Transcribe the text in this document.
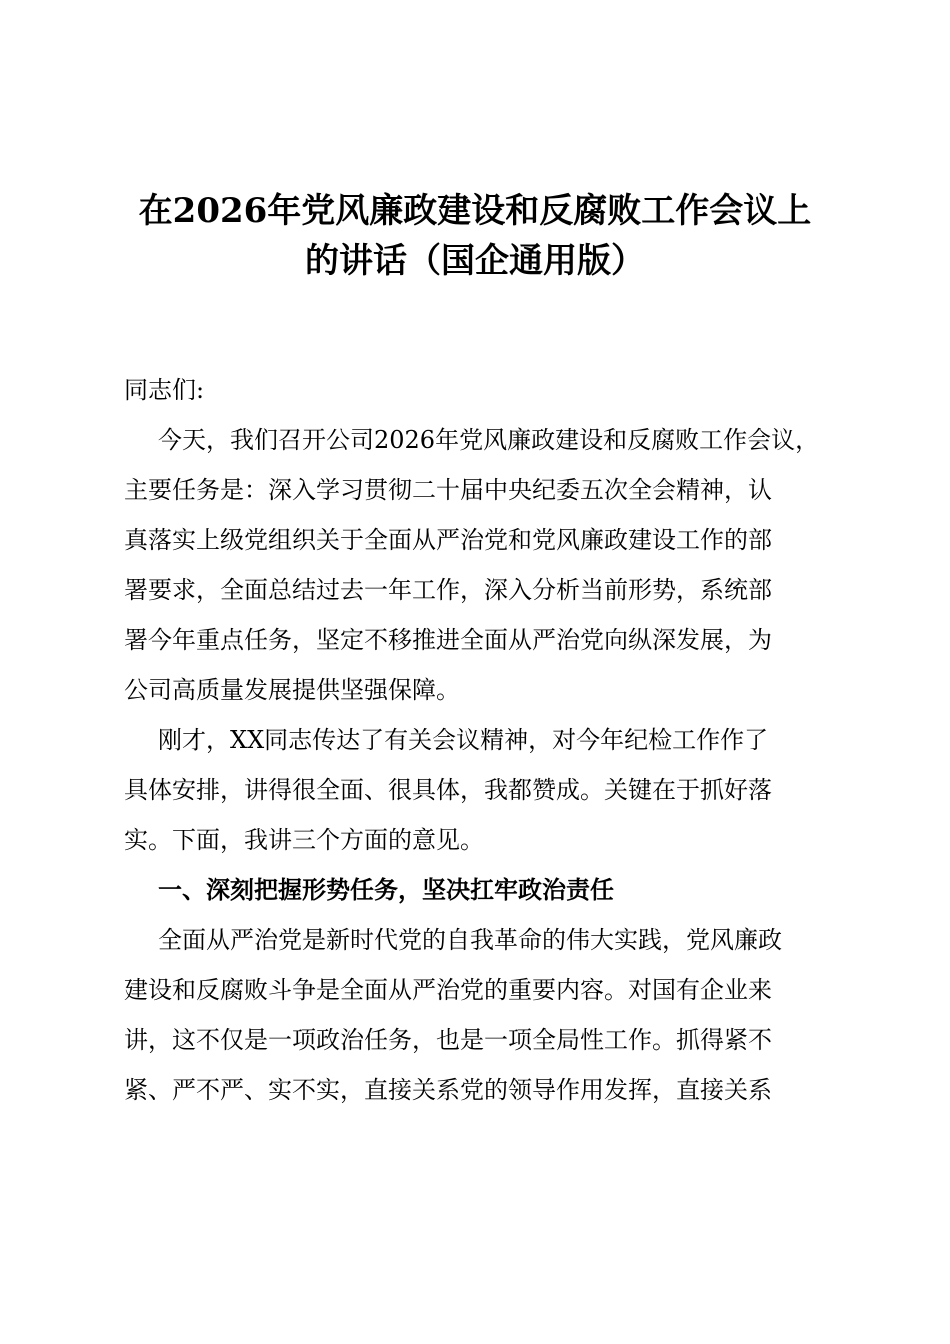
在2026年党风廉政建设和反腐败工作会议上
的讲话（国企通用版）
同志们:
今天，我们召开公司2026年党风廉政建设和反腐败工作会议，
主要任务是：深入学习贯彻二十届中央纪委五次全会精神，认
真落实上级党组织关于全面从严治党和党风廉政建设工作的部
署要求，全面总结过去一年工作，深入分析当前形势，系统部
署今年重点任务，坚定不移推进全面从严治党向纵深发展，为
公司高质量发展提供坚强保障。
刚才，XX同志传达了有关会议精神，对今年纪检工作作了
具体安排，讲得很全面、很具体，我都赞成。关键在于抓好落
实。下面，我讲三个方面的意见。
一、深刻把握形势任务，坚决扛牢政治责任
全面从严治党是新时代党的自我革命的伟大实践，党风廉政
建设和反腐败斗争是全面从严治党的重要内容。对国有企业来
讲，这不仅是一项政治任务，也是一项全局性工作。抓得紧不
紧、严不严、实不实，直接关系党的领导作用发挥，直接关系
